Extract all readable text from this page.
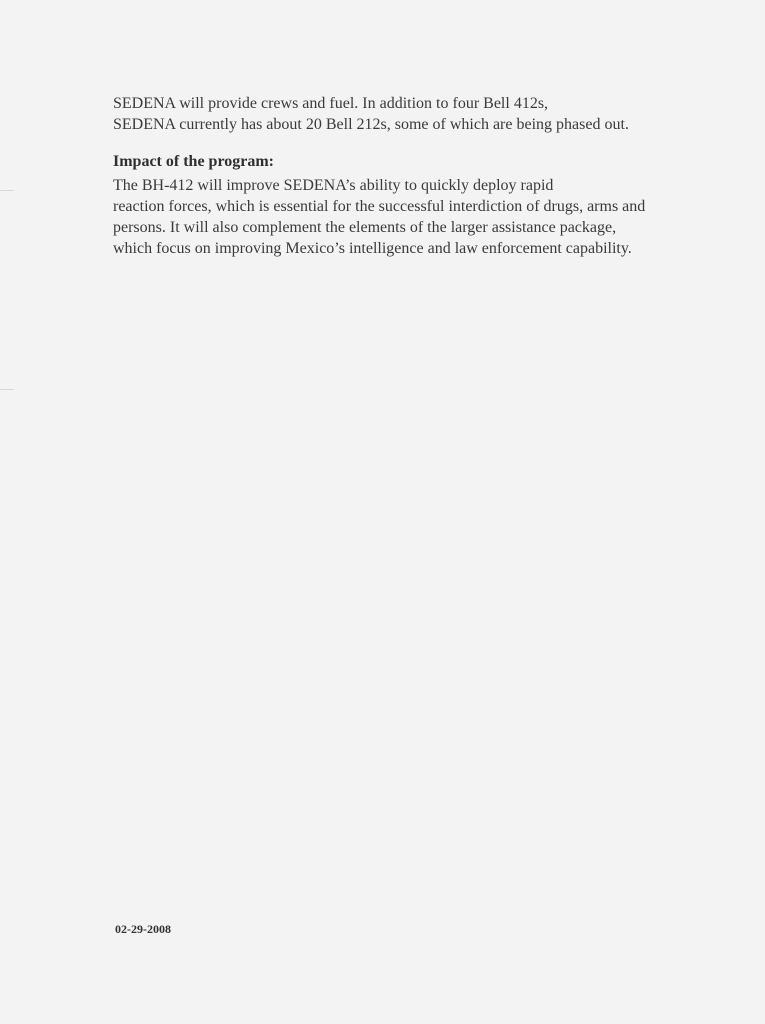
SEDENA will provide crews and fuel. In addition to four Bell 412s,
SEDENA currently has about 20 Bell 212s, some of which are being phased out.
Impact of the program:
The BH-412 will improve SEDENA’s ability to quickly deploy rapid
reaction forces, which is essential for the successful interdiction of drugs, arms and
persons. It will also complement the elements of the larger assistance package,
which focus on improving Mexico’s intelligence and law enforcement capability.
02-29-2008
